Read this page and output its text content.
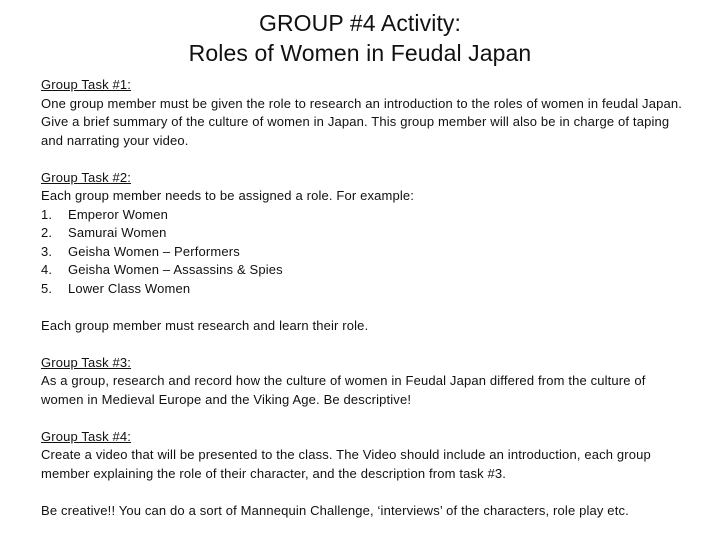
GROUP #4 Activity:
Roles of Women in Feudal Japan
Group Task #1:

One group member must be given the role to research an introduction to the roles of women in feudal Japan. Give a brief summary of the culture of women in Japan. This group member will also be in charge of taping and narrating your video.

Group Task #2:

Each group member needs to be assigned a role. For example:

1.	Emperor Women
2.	Samurai Women
3.	Geisha Women – Performers
4.	Geisha Women – Assassins & Spies
5.	Lower Class Women

Each group member must research and learn their role.

Group Task #3:

As a group, research and record how the culture of women in Feudal Japan differed from the culture of women in Medieval Europe and the Viking Age. Be descriptive!

Group Task #4:

Create a video that will be presented to the class. The Video should include an introduction, each group member explaining the role of their character, and the description from task #3.

Be creative!! You can do a sort of Mannequin Challenge, ‘interviews’ of the characters, role play etc.
